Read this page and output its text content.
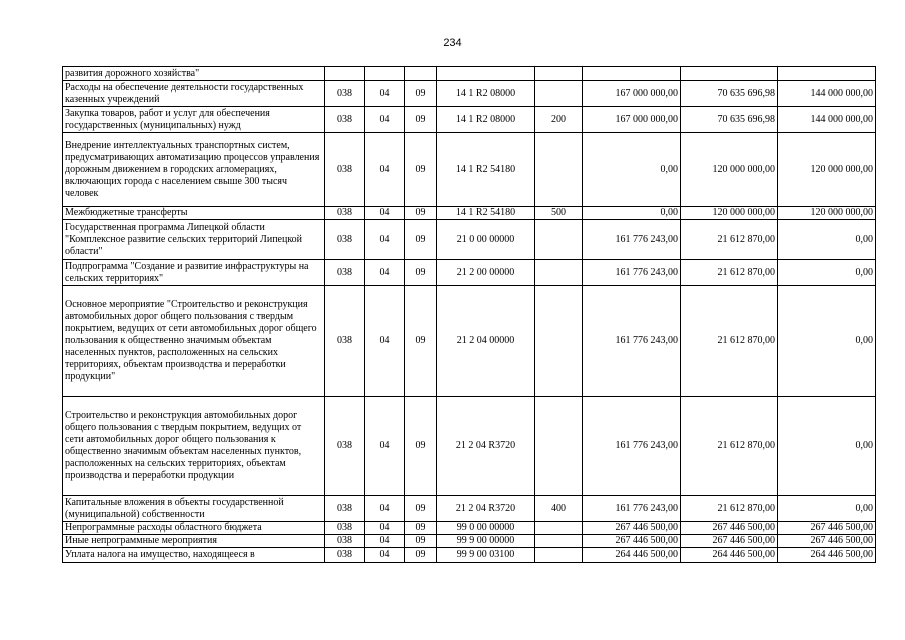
234
развития дорожного хозяйства"								
Расходы на обеспечение деятельности государственных казенных учреждений	038	04	09	14 1 R2 08000		167 000 000,00	70 635 696,98	144 000 000,00
Закупка товаров, работ и услуг для обеспечения государственных (муниципальных) нужд	038	04	09	14 1 R2 08000	200	167 000 000,00	70 635 696,98	144 000 000,00
Внедрение интеллектуальных транспортных систем, предусматривающих автоматизацию процессов управления дорожным движением в городских агломерациях, включающих города с населением свыше 300 тысяч человек	038	04	09	14 1 R2 54180		0,00	120 000 000,00	120 000 000,00
Межбюджетные трансферты	038	04	09	14 1 R2 54180	500	0,00	120 000 000,00	120 000 000,00
Государственная программа Липецкой области "Комплексное развитие сельских территорий Липецкой области"	038	04	09	21 0 00 00000		161 776 243,00	21 612 870,00	0,00
Подпрограмма "Создание и развитие инфраструктуры на сельских территориях"	038	04	09	21 2 00 00000		161 776 243,00	21 612 870,00	0,00
Основное мероприятие "Строительство и реконструкция автомобильных дорог общего пользования с твердым покрытием, ведущих от сети автомобильных дорог общего пользования к общественно значимым объектам населенных пунктов, расположенных на сельских территориях, объектам производства и переработки продукции"	038	04	09	21 2 04 00000		161 776 243,00	21 612 870,00	0,00
Строительство и реконструкция автомобильных дорог общего пользования с твердым покрытием, ведущих от сети автомобильных дорог общего пользования к общественно значимым объектам населенных пунктов, расположенных на сельских территориях, объектам производства и переработки продукции	038	04	09	21 2 04 R3720		161 776 243,00	21 612 870,00	0,00
Капитальные вложения в объекты государственной (муниципальной) собственности	038	04	09	21 2 04 R3720	400	161 776 243,00	21 612 870,00	0,00
Непрограммные расходы областного бюджета	038	04	09	99 0 00 00000		267 446 500,00	267 446 500,00	267 446 500,00
Иные непрограммные мероприятия	038	04	09	99 9 00 00000		267 446 500,00	267 446 500,00	267 446 500,00
Уплата налога на имущество, находящееся в	038	04	09	99 9 00 03100		264 446 500,00	264 446 500,00	264 446 500,00
